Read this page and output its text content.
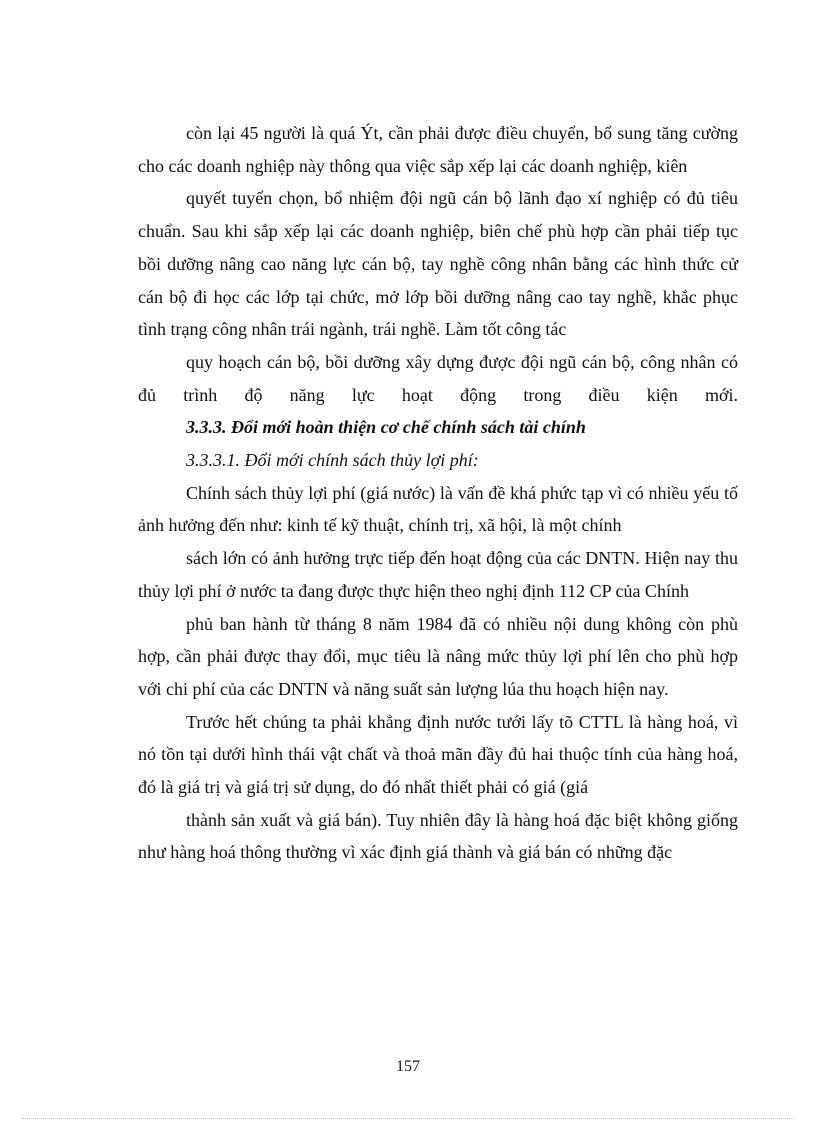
còn lại 45 người là quá Ýt, cần phải được điều chuyển, bổ sung tăng cường cho các doanh nghiệp này thông qua việc sắp xếp lại các doanh nghiệp, kiên

quyết tuyển chọn, bổ nhiệm đội ngũ cán bộ lãnh đạo xí nghiệp có đủ tiêu chuẩn. Sau khi sắp xếp lại các doanh nghiệp, biên chế phù hợp cần phải tiếp tục bồi dưỡng nâng cao năng lực cán bộ, tay nghề công nhân bằng các hình thức cử cán bộ đi học các lớp tại chức, mở lớp bồi dưỡng nâng cao tay nghề, khắc phục tình trạng công nhân trái ngành, trái nghề. Làm tốt công tác

quy hoạch cán bộ, bồi dưỡng xây dựng được đội ngũ cán bộ, công nhân có đủ trình độ năng lực hoạt động trong điều kiện mới.

3.3.3. Đổi mới hoàn thiện cơ chế chính sách tài chính

3.3.3.1. Đổi mới chính sách thủy lợi phí:

Chính sách thủy lợi phí (giá nước) là vấn đề khá phức tạp vì có nhiều yếu tố ảnh hưởng đến như: kinh tế kỹ thuật, chính trị, xã hội, là một chính

sách lớn có ảnh hưởng trực tiếp đến hoạt động của các DNTN. Hiện nay thu thủy lợi phí ở nước ta đang được thực hiện theo nghị định 112 CP của Chính

phủ ban hành từ tháng 8 năm 1984 đã có nhiều nội dung không còn phù hợp, cần phải được thay đổi, mục tiêu là nâng mức thủy lợi phí lên cho phù hợp với chi phí của các DNTN và năng suất sản lượng lúa thu hoạch hiện nay.

Trước hết chúng ta phải khẳng định nước tưới lấy tõ CTTL là hàng hoá, vì nó tồn tại dưới hình thái vật chất và thoả mãn đầy đủ hai thuộc tính của hàng hoá, đó là giá trị và giá trị sử dụng, do đó nhất thiết phải có giá (giá

thành sản xuất và giá bán). Tuy nhiên đây là hàng hoá đặc biệt không giống như hàng hoá thông thường vì xác định giá thành và giá bán có những đặc

157
